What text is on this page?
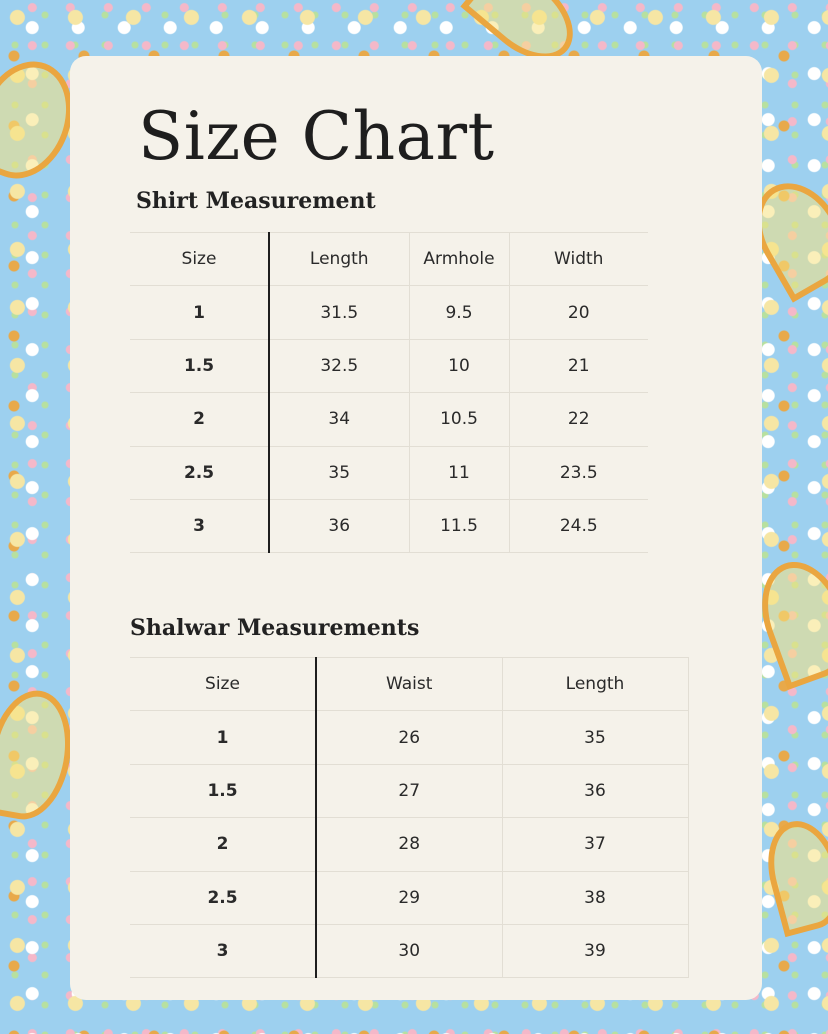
Size Chart
Shirt Measurement
Size	Length	Armhole	Width
1	31.5	9.5	20
1.5	32.5	10	21
2	34	10.5	22
2.5	35	11	23.5
3	36	11.5	24.5
Shalwar Measurements
Size	Waist	Length
1	26	35
1.5	27	36
2	28	37
2.5	29	38
3	30	39
